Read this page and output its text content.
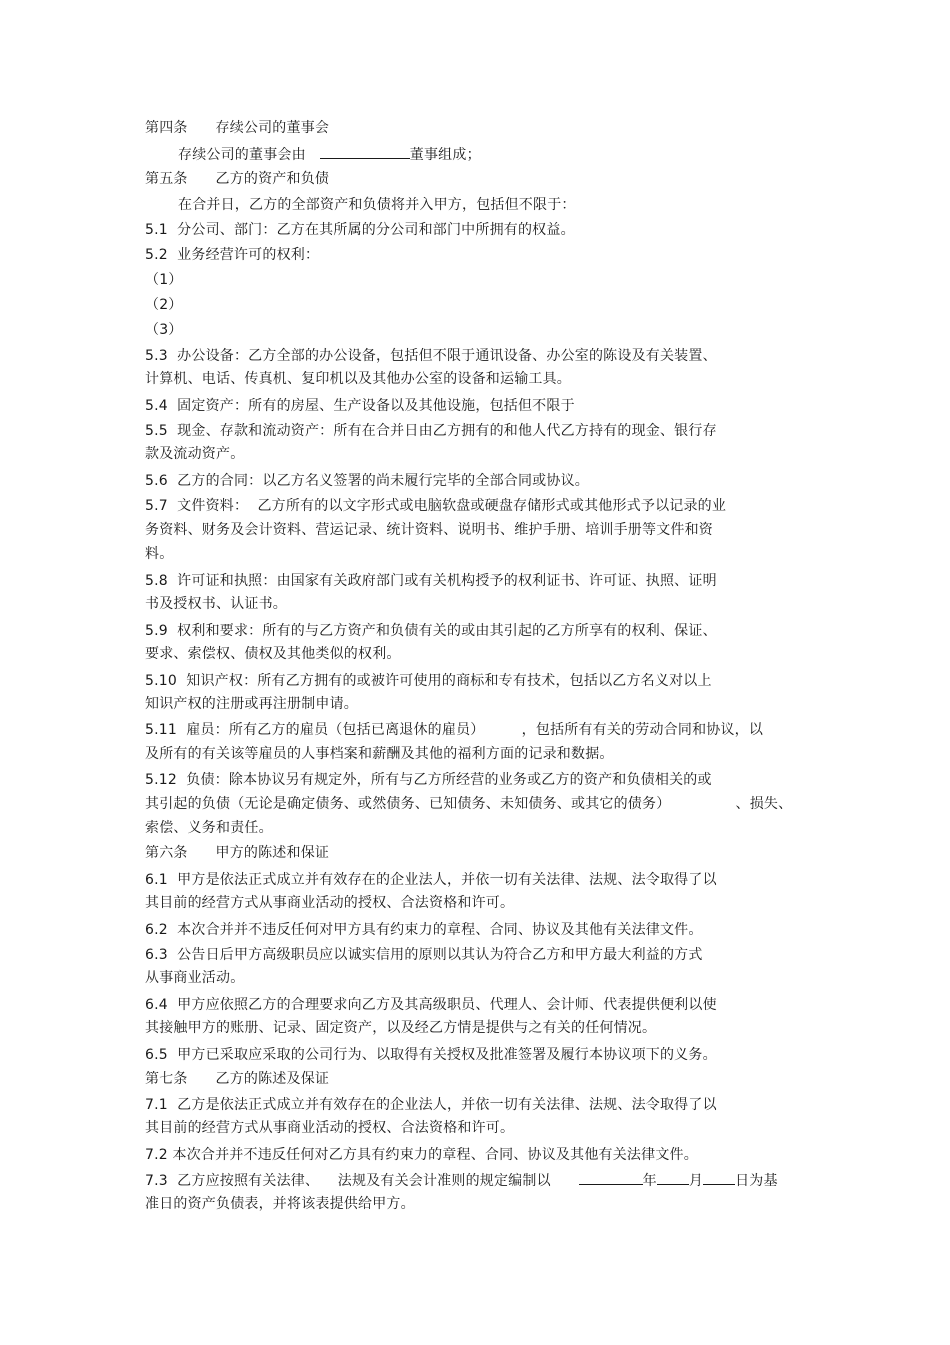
第四条      存续公司的董事会
存续公司的董事会由	董事组成；
第五条      乙方的资产和负债
在合并日，乙方的全部资产和负债将并入甲方，包括但不限于：
5.1  分公司、部门：乙方在其所属的分公司和部门中所拥有的权益。
5.2  业务经营许可的权利：
（1）
（2）
（3）
5.3  办公设备：乙方全部的办公设备，包括但不限于通讯设备、办公室的陈设及有关装置、
计算机、电话、传真机、复印机以及其他办公室的设备和运输工具。
5.4  固定资产：所有的房屋、生产设备以及其他设施，包括但不限于
5.5  现金、存款和流动资产：所有在合并日由乙方拥有的和他人代乙方持有的现金、银行存
款及流动资产。
5.6  乙方的合同：以乙方名义签署的尚未履行完毕的全部合同或协议。
5.7  文件资料：  乙方所有的以文字形式或电脑软盘或硬盘存储形式或其他形式予以记录的业
务资料、财务及会计资料、营运记录、统计资料、说明书、维护手册、培训手册等文件和资
料。
5.8  许可证和执照：由国家有关政府部门或有关机构授予的权利证书、许可证、执照、证明
书及授权书、认证书。
5.9  权利和要求：所有的与乙方资产和负债有关的或由其引起的乙方所享有的权利、保证、
要求、索偿权、债权及其他类似的权利。
5.10  知识产权：所有乙方拥有的或被许可使用的商标和专有技术，包括以乙方名义对以上
知识产权的注册或再注册制申请。
5.11  雇员：所有乙方的雇员（包括已离退休的雇员）        ，包括所有有关的劳动合同和协议，以
及所有的有关该等雇员的人事档案和薪酬及其他的福利方面的记录和数据。
5.12  负债：除本协议另有规定外，所有与乙方所经营的业务或乙方的资产和负债相关的或
其引起的负债（无论是确定债务、或然债务、已知债务、未知债务、或其它的债务）              、损失、
索偿、义务和责任。
第六条      甲方的陈述和保证
6.1  甲方是依法正式成立并有效存在的企业法人，并依一切有关法律、法规、法令取得了以
其目前的经营方式从事商业活动的授权、合法资格和许可。
6.2  本次合并并不违反任何对甲方具有约束力的章程、合同、协议及其他有关法律文件。
6.3  公告日后甲方高级职员应以诚实信用的原则以其认为符合乙方和甲方最大利益的方式
从事商业活动。
6.4  甲方应依照乙方的合理要求向乙方及其高级职员、代理人、会计师、代表提供便利以使
其接触甲方的账册、记录、固定资产，以及经乙方情是提供与之有关的任何情况。
6.5  甲方已采取应采取的公司行为、以取得有关授权及批准签署及履行本协议项下的义务。
第七条      乙方的陈述及保证
7.1  乙方是依法正式成立并有效存在的企业法人，并依一切有关法律、法规、法令取得了以
其目前的经营方式从事商业活动的授权、合法资格和许可。
7.2 本次合并并不违反任何对乙方具有约束力的章程、合同、协议及其他有关法律文件。
7.3  乙方应按照有关法律、    法规及有关会计准则的规定编制以	年 月 日为基
准日的资产负债表，并将该表提供给甲方。
